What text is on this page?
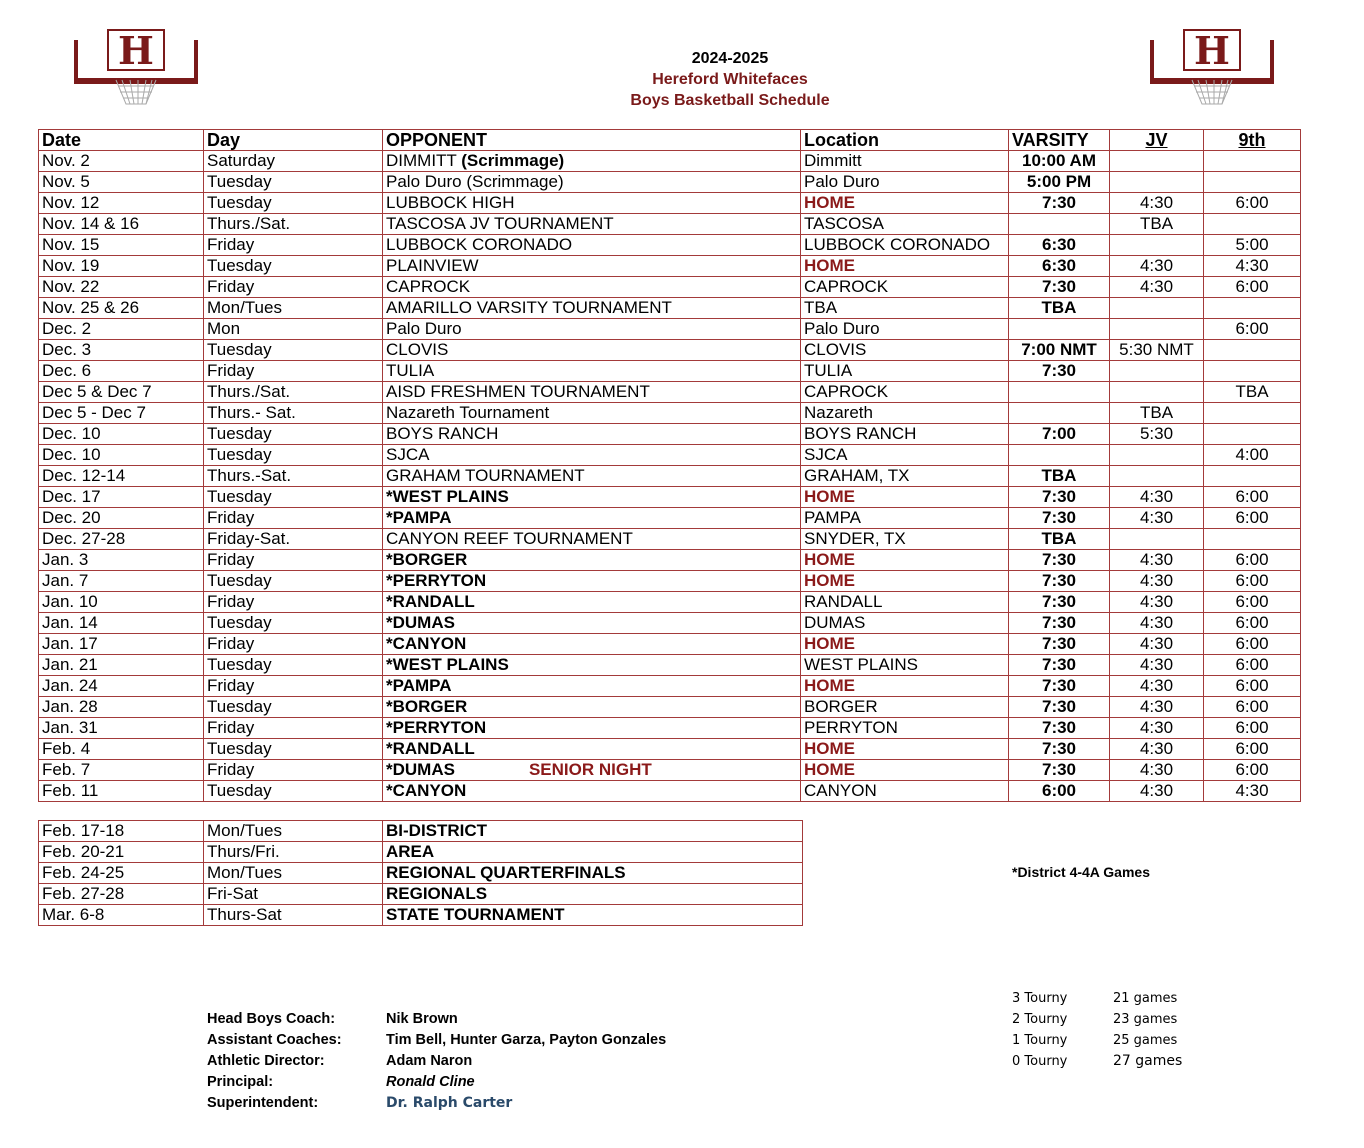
H	H
2024-2025
Hereford Whitefaces
Boys Basketball Schedule
Date	Day	OPPONENT	Location	VARSITY	JV	9th
Nov. 2	Saturday	DIMMITT (Scrimmage)	Dimmitt	10:00 AM		
Nov. 5	Tuesday	Palo Duro (Scrimmage)	Palo Duro	5:00 PM		
Nov. 12	Tuesday	LUBBOCK HIGH	HOME	7:30	4:30	6:00
Nov. 14 & 16	Thurs./Sat.	TASCOSA JV TOURNAMENT	TASCOSA		TBA	
Nov. 15	Friday	LUBBOCK CORONADO	LUBBOCK CORONADO	6:30		5:00
Nov. 19	Tuesday	PLAINVIEW	HOME	6:30	4:30	4:30
Nov. 22	Friday	CAPROCK	CAPROCK	7:30	4:30	6:00
Nov. 25 & 26	Mon/Tues	AMARILLO VARSITY TOURNAMENT	TBA	TBA		
Dec. 2	Mon	Palo Duro	Palo Duro			6:00
Dec. 3	Tuesday	CLOVIS	CLOVIS	7:00 NMT	5:30 NMT	
Dec. 6	Friday	TULIA	TULIA	7:30		
Dec 5 & Dec 7	Thurs./Sat.	AISD FRESHMEN TOURNAMENT	CAPROCK			TBA
Dec 5 - Dec 7	Thurs.- Sat.	Nazareth Tournament	Nazareth		TBA	
Dec. 10	Tuesday	BOYS RANCH	BOYS RANCH	7:00	5:30	
Dec. 10	Tuesday	SJCA	SJCA			4:00
Dec. 12-14	Thurs.-Sat.	GRAHAM TOURNAMENT	GRAHAM, TX	TBA		
Dec. 17	Tuesday	*WEST PLAINS	HOME	7:30	4:30	6:00
Dec. 20	Friday	*PAMPA	PAMPA	7:30	4:30	6:00
Dec. 27-28	Friday-Sat.	CANYON REEF TOURNAMENT	SNYDER, TX	TBA		
Jan. 3	Friday	*BORGER	HOME	7:30	4:30	6:00
Jan. 7	Tuesday	*PERRYTON	HOME	7:30	4:30	6:00
Jan. 10	Friday	*RANDALL	RANDALL	7:30	4:30	6:00
Jan. 14	Tuesday	*DUMAS	DUMAS	7:30	4:30	6:00
Jan. 17	Friday	*CANYON	HOME	7:30	4:30	6:00
Jan. 21	Tuesday	*WEST PLAINS	WEST PLAINS	7:30	4:30	6:00
Jan. 24	Friday	*PAMPA	HOME	7:30	4:30	6:00
Jan. 28	Tuesday	*BORGER	BORGER	7:30	4:30	6:00
Jan. 31	Friday	*PERRYTON	PERRYTON	7:30	4:30	6:00
Feb. 4	Tuesday	*RANDALL	HOME	7:30	4:30	6:00
Feb. 7	Friday	*DUMAS SENIOR NIGHT	HOME	7:30	4:30	6:00
Feb. 11	Tuesday	*CANYON	CANYON	6:00	4:30	4:30
Feb. 17-18	Mon/Tues	BI-DISTRICT
Feb. 20-21	Thurs/Fri.	AREA
Feb. 24-25	Mon/Tues	REGIONAL QUARTERFINALS
Feb. 27-28	Fri-Sat	REGIONALS
Mar. 6-8	Thurs-Sat	STATE TOURNAMENT
*District 4-4A Games
Head Boys Coach:	Nik Brown
Assistant Coaches:	Tim Bell, Hunter Garza, Payton Gonzales
Athletic Director:	Adam Naron
Principal:	Ronald Cline
Superintendent:	Dr. Ralph Carter
3 Tourny	21 games
2 Tourny	23 games
1 Tourny	25 games
0 Tourny	27 games
